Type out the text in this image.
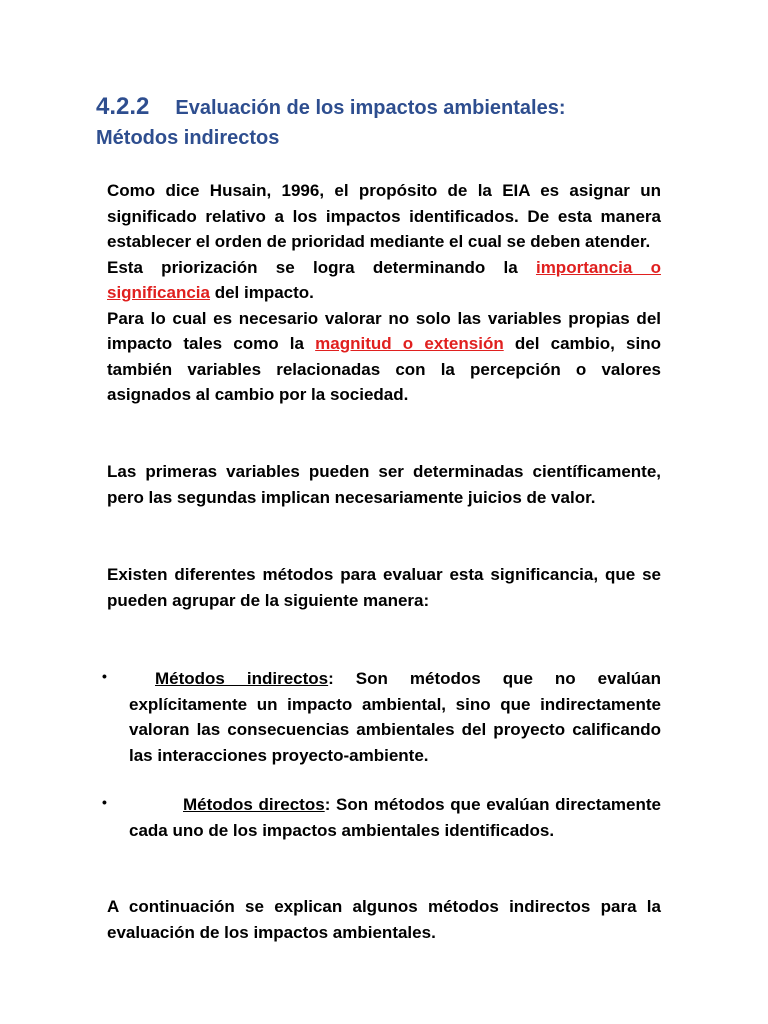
4.2.2 Evaluación de los impactos ambientales:
Métodos indirectos

Como dice Husain, 1996, el propósito de la EIA es asignar un significado relativo a los impactos identificados. De esta manera establecer el orden de prioridad mediante el cual se deben atender.

Esta priorización se logra determinando la importancia o significancia del impacto.

Para lo cual es necesario valorar no solo las variables propias del impacto tales como la magnitud o extensión del cambio, sino también variables relacionadas con la percepción o valores asignados al cambio por la sociedad.

Las primeras variables pueden ser determinadas científicamente, pero las segundas implican necesariamente juicios de valor.

Existen diferentes métodos para evaluar esta significancia, que se pueden agrupar de la siguiente manera:

•	Métodos indirectos: Son métodos que no evalúan explícitamente un impacto ambiental, sino que indirectamente valoran las consecuencias ambientales del proyecto calificando las interacciones proyecto-ambiente.
•	Métodos directos: Son métodos que evalúan directamente cada uno de los impactos ambientales identificados.

A continuación se explican algunos métodos indirectos para la evaluación de los impactos ambientales.
